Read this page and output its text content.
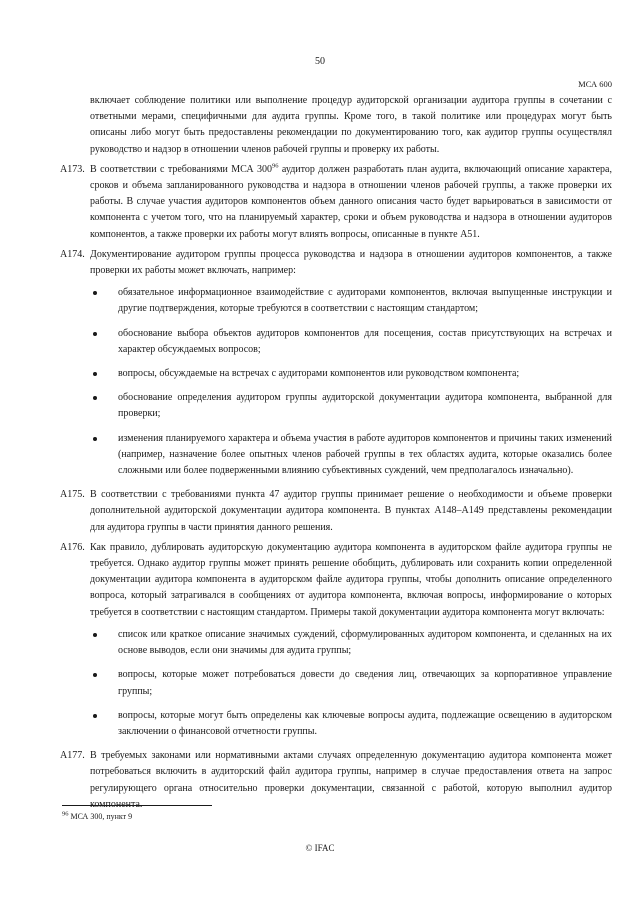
50
МСА 600

включает соблюдение политики или выполнение процедур аудиторской организации аудитора группы в сочетании с ответными мерами, специфичными для аудита группы. Кроме того, в такой политике или процедурах могут быть описаны либо могут быть предоставлены рекомендации по документированию того, как аудитор группы осуществлял руководство и надзор в отношении членов рабочей группы и проверку их работы.

A173. В соответствии с требованиями МСА $300^{96}$ аудитор должен разработать план аудита, включающий описание характера, сроков и объема запланированного руководства и надзора в отношении членов рабочей группы, а также проверки их работы. В случае участия аудиторов компонентов объем данного описания часто будет варьироваться в зависимости от компонента с учетом того, что на планируемый характер, сроки и объем руководства и надзора в отношении аудиторов компонентов, а также проверки их работы могут влиять вопросы, описанные в пункте A51.

A174. Документирование аудитором группы процесса руководства и надзора в отношении аудиторов компонентов, а также проверки их работы может включать, например:

обязательное информационное взаимодействие с аудиторами компонентов, включая выпущенные инструкции и другие подтверждения, которые требуются в соответствии с настоящим стандартом;

обоснование выбора объектов аудиторов компонентов для посещения, состав присутствующих на встречах и характер обсуждаемых вопросов;

вопросы, обсуждаемые на встречах с аудиторами компонентов или руководством компонента;

обоснование определения аудитором группы аудиторской документации аудитора компонента, выбранной для проверки;

изменения планируемого характера и объема участия в работе аудиторов компонентов и причины таких изменений (например, назначение более опытных членов рабочей группы в тех областях аудита, которые оказались более сложными или более подверженными влиянию субъективных суждений, чем предполагалось изначально).

A175. В соответствии с требованиями пункта 47 аудитор группы принимает решение о необходимости и объеме проверки дополнительной аудиторской документации аудитора компонента. В пунктах A148–A149 представлены рекомендации для аудитора группы в части принятия данного решения.

A176. Как правило, дублировать аудиторскую документацию аудитора компонента в аудиторском файле аудитора группы не требуется. Однако аудитор группы может принять решение обобщить, дублировать или сохранить копии определенной документации аудитора компонента в аудиторском файле аудитора группы, чтобы дополнить описание определенного вопроса, который затрагивался в сообщениях от аудитора компонента, включая вопросы, информирование о которых требуется в соответствии с настоящим стандартом. Примеры такой документации аудитора компонента могут включать:

список или краткое описание значимых суждений, сформулированных аудитором компонента, и сделанных на их основе выводов, если они значимы для аудита группы;

вопросы, которые может потребоваться довести до сведения лиц, отвечающих за корпоративное управление группы;

вопросы, которые могут быть определены как ключевые вопросы аудита, подлежащие освещению в аудиторском заключении о финансовой отчетности группы.

A177. В требуемых законами или нормативными актами случаях определенную документацию аудитора компонента может потребоваться включить в аудиторский файл аудитора группы, например в случае предоставления ответа на запрос регулирующего органа относительно проверки документации, связанной с работой, которую выполнил аудитор компонента.

$^{96}$ МСА 300, пункт 9
© IFAC
